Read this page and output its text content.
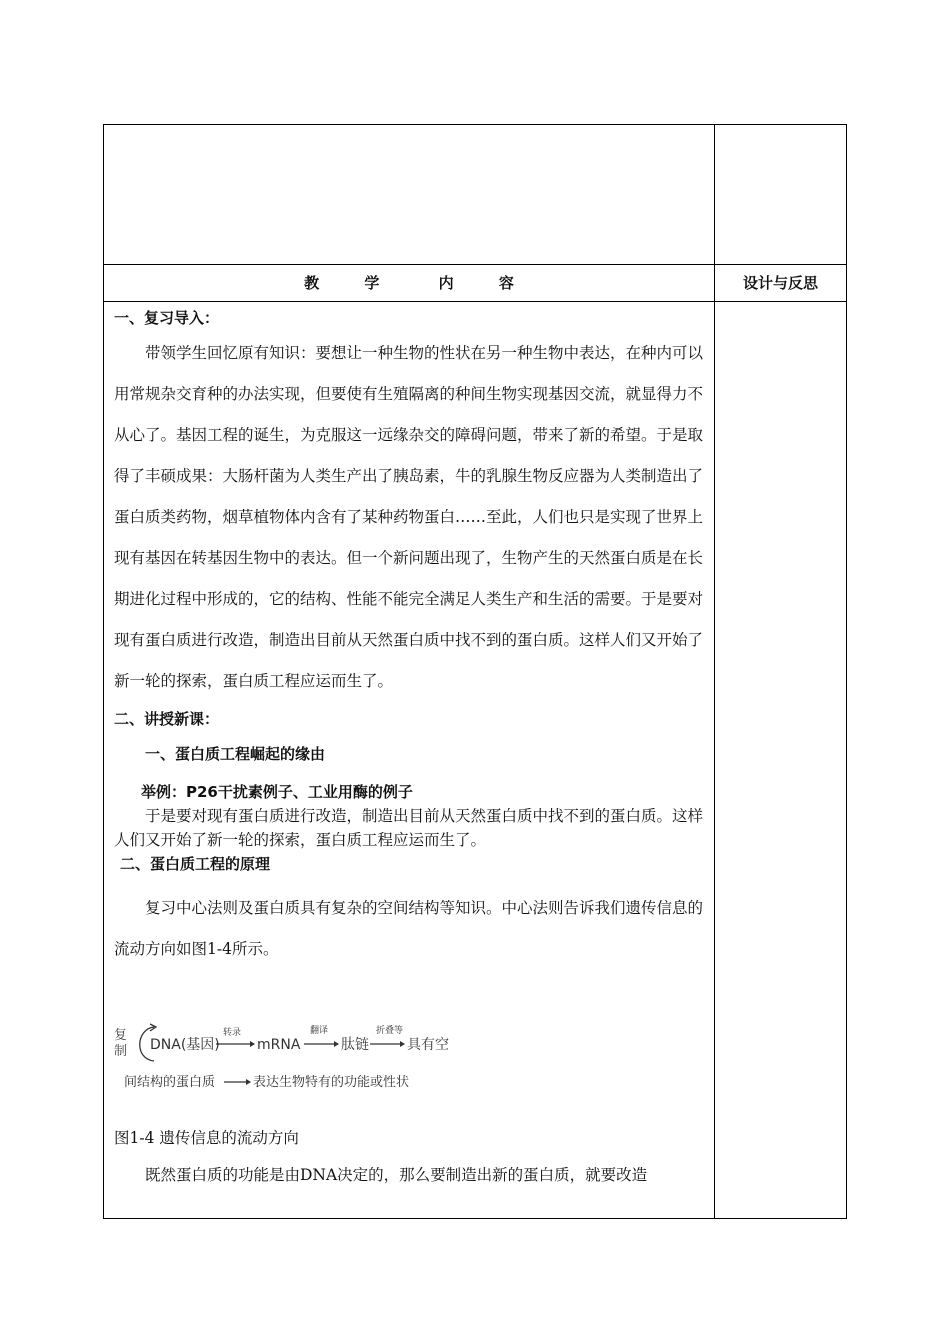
教	学	内	容	设计与反思
一、复习导入：

带领学生回忆原有知识：要想让一种生物的性状在另一种生物中表达，在种内可以用常规杂交育种的办法实现，但要使有生殖隔离的种间生物实现基因交流，就显得力不从心了。基因工程的诞生，为克服这一远缘杂交的障碍问题，带来了新的希望。于是取得了丰硕成果：大肠杆菌为人类生产出了胰岛素，牛的乳腺生物反应器为人类制造出了蛋白质类药物，烟草植物体内含有了某种药物蛋白……至此，人们也只是实现了世界上现有基因在转基因生物中的表达。但一个新问题出现了，生物产生的天然蛋白质是在长期进化过程中形成的，它的结构、性能不能完全满足人类生产和生活的需要。于是要对现有蛋白质进行改造，制造出目前从天然蛋白质中找不到的蛋白质。这样人们又开始了新一轮的探索，蛋白质工程应运而生了。

二、讲授新课：
一、蛋白质工程崛起的缘由
举例：P26干扰素例子、工业用酶的例子

于是要对现有蛋白质进行改造，制造出目前从天然蛋白质中找不到的蛋白质。这样人们又开始了新一轮的探索，蛋白质工程应运而生了。

二、蛋白质工程的原理

复习中心法则及蛋白质具有复杂的空间结构等知识。中心法则告诉我们遗传信息的流动方向如图1-4所示。

复
制 DNA(基因)
转录
mRNA
翻译
肽链
折叠等
具有空
间结构的蛋白质	表达生物特有的功能或性状
图1-4 遗传信息的流动方向

既然蛋白质的功能是由DNA决定的，那么要制造出新的蛋白质，就要改造
